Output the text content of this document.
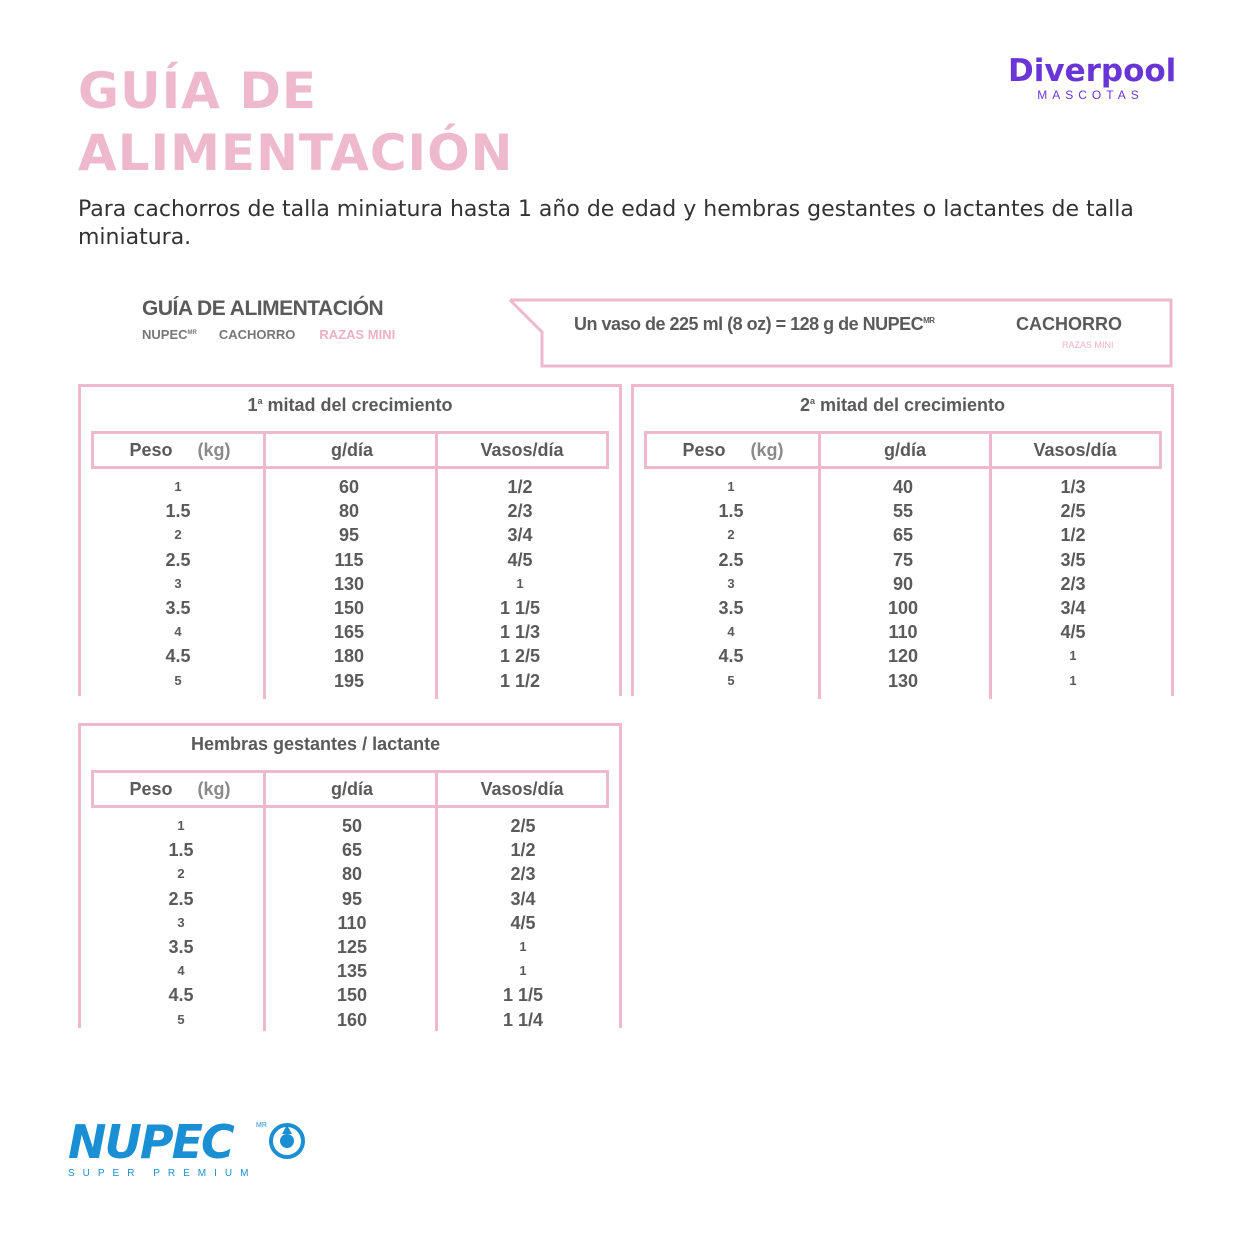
GUÍA DE
ALIMENTACIÓN
Para cachorros de talla miniatura hasta 1 año de edad y hembras gestantes o lactantes de talla miniatura.
Diverpool
MASCOTAS
GUÍA DE ALIMENTACIÓN
$NUPEC^{MR}$ CACHORRO RAZAS MINI
Un vaso de 225 ml (8 oz) = 128 g de $NUPEC^{MR}$	CACHORRO
RAZAS MINI
1$^a$ mitad del crecimiento
Peso (kg)	g/día	Vasos/día
1	60	1/2
1.5	80	2/3
2	95	3/4
2.5	115	4/5
3	130	1
3.5	150	1 1/5
4	165	1 1/3
4.5	180	1 2/5
5	195	1 1/2
2$^a$ mitad del crecimiento
Peso (kg)	g/día	Vasos/día
1	40	1/3
1.5	55	2/5
2	65	1/2
2.5	75	3/5
3	90	2/3
3.5	100	3/4
4	110	4/5
4.5	120	1
5	130	1
Hembras gestantes / lactante
Peso (kg)	g/día	Vasos/día
1	50	2/5
1.5	65	1/2
2	80	2/3
2.5	95	3/4
3	110	4/5
3.5	125	1
4	135	1
4.5	150	1 1/5
5	160	1 1/4
NUPEC	MR
SUPER PREMIUM
